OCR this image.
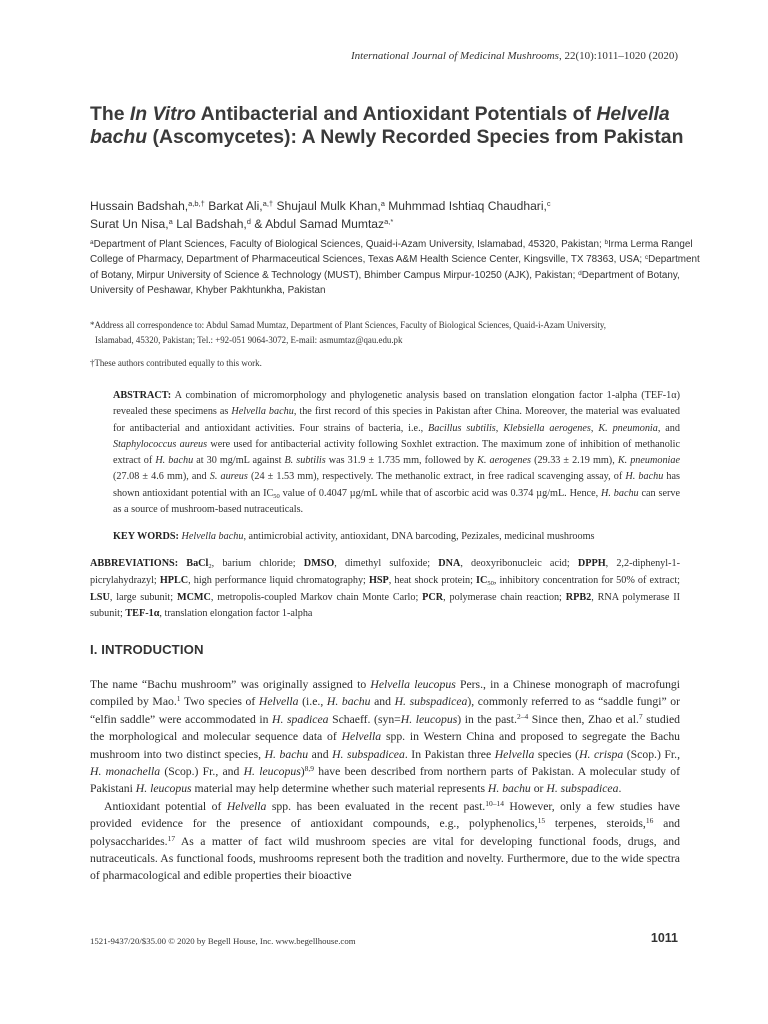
International Journal of Medicinal Mushrooms, 22(10):1011–1020 (2020)
The In Vitro Antibacterial and Antioxidant Potentials of Helvella bachu (Ascomycetes): A Newly Recorded Species from Pakistan
Hussain Badshah,$^{a,b,\dagger}$ Barkat Ali,$^{a,\dagger}$ Shujaul Mulk Khan,$^a$ Muhmmad Ishtiaq Chaudhari,$^c$
Surat Un Nisa,$^a$ Lal Badshah,$^d$ & Abdul Samad Mumtaz$^{a,*}$
$^a$Department of Plant Sciences, Faculty of Biological Sciences, Quaid-i-Azam University, Islamabad, 45320, Pakistan; $^b$Irma Lerma Rangel College of Pharmacy, Department of Pharmaceutical Sciences, Texas A&M Health Science Center, Kingsville, TX 78363, USA; $^c$Department of Botany, Mirpur University of Science & Technology (MUST), Bhimber Campus Mirpur-10250 (AJK), Pakistan; $^d$Department of Botany, University of Peshawar, Khyber Pakhtunkha, Pakistan
*Address all correspondence to: Abdul Samad Mumtaz, Department of Plant Sciences, Faculty of Biological Sciences, Quaid-i-Azam University,
Islamabad, 45320, Pakistan; Tel.: +92-051 9064-3072, E-mail: asmumtaz@qau.edu.pk
†These authors contributed equally to this work.
ABSTRACT: A combination of micromorphology and phylogenetic analysis based on translation elongation factor 1-alpha (TEF-1α) revealed these specimens as Helvella bachu, the first record of this species in Pakistan after China. Moreover, the material was evaluated for antibacterial and antioxidant activities. Four strains of bacteria, i.e., Bacillus subtilis, Klebsiella aerogenes, K. pneumonia, and Staphylococcus aureus were used for antibacterial activity following Soxhlet extraction. The maximum zone of inhibition of methanolic extract of H. bachu at 30 mg/mL against B. subtilis was 31.9 ± 1.735 mm, followed by K. aerogenes (29.33 ± 2.19 mm), K. pneumoniae (27.08 ± 4.6 mm), and S. aureus (24 ± 1.53 mm), respectively. The methanolic extract, in free radical scavenging assay, of H. bachu has shown antioxidant potential with an $IC_{50}$ value of 0.4047 µg/mL while that of ascorbic acid was 0.374 µg/mL. Hence, H. bachu can serve as a source of mushroom-based nutraceuticals.
KEY WORDS: Helvella bachu, antimicrobial activity, antioxidant, DNA barcoding, Pezizales, medicinal mushrooms
ABBREVIATIONS: BaCl$_2$, barium chloride; DMSO, dimethyl sulfoxide; DNA, deoxyribonucleic acid; DPPH, 2,2-diphenyl-1-picrylahydrazyl; HPLC, high performance liquid chromatography; HSP, heat shock protein; $IC_{50}$, inhibitory concentration for 50% of extract; LSU, large subunit; MCMC, metropolis-coupled Markov chain Monte Carlo; PCR, polymerase chain reaction; RPB2, RNA polymerase II subunit; TEF-1α, translation elongation factor 1-alpha
I. INTRODUCTION

The name “Bachu mushroom” was originally assigned to Helvella leucopus Pers., in a Chinese monograph of macrofungi compiled by Mao.$^1$ Two species of Helvella (i.e., H. bachu and H. subspadicea), commonly referred to as “saddle fungi” or “elfin saddle” were accommodated in H. spadicea Schaeff. (syn=H. leucopus) in the past.$^{2-4}$ Since then, Zhao et al.$^7$ studied the morphological and molecular sequence data of Helvella spp. in Western China and proposed to segregate the Bachu mushroom into two distinct species, H. bachu and H. subspadicea. In Pakistan three Helvella species (H. crispa (Scop.) Fr., H. monachella (Scop.) Fr., and H. leucopus)$^{8,9}$ have been described from northern parts of Pakistan. A molecular study of Pakistani H. leucopus material may help determine whether such material represents H. bachu or H. subspadicea.

Antioxidant potential of Helvella spp. has been evaluated in the recent past.$^{10-14}$ However, only a few studies have provided evidence for the presence of antioxidant compounds, e.g., polyphenolics,$^{15}$ terpenes, steroids,$^{16}$ and polysaccharides.$^{17}$ As a matter of fact wild mushroom species are vital for developing functional foods, drugs, and nutraceuticals. As functional foods, mushrooms represent both the tradition and novelty. Furthermore, due to the wide spectra of pharmacological and edible properties their bioactive

1521-9437/20/$35.00 © 2020 by Begell House, Inc. www.begellhouse.com	1011
